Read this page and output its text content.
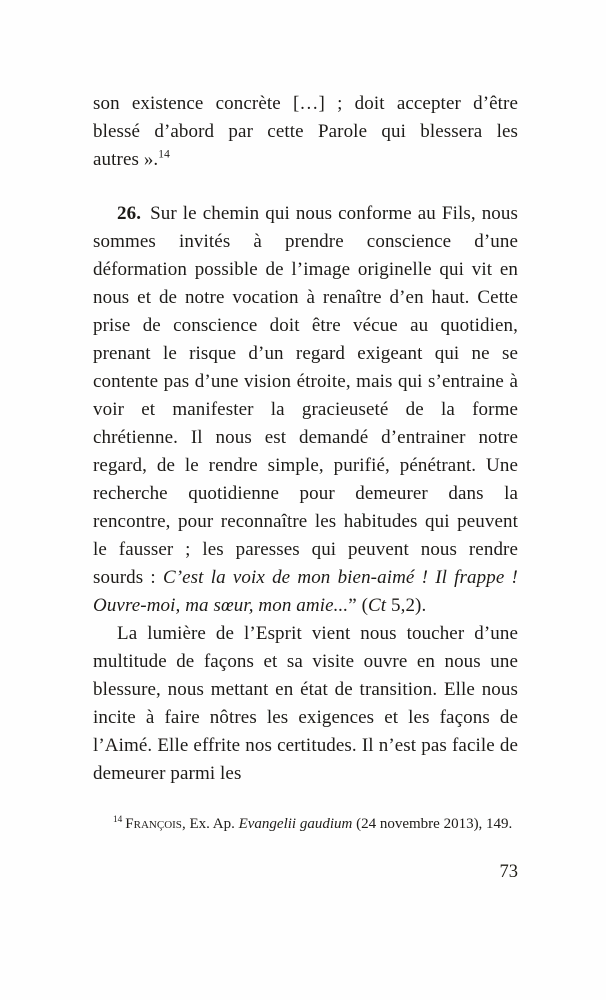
son existence concrète […] ; doit accepter d’être blessé d’abord par cette Parole qui blessera les autres ».$^{14}$

26. Sur le chemin qui nous conforme au Fils, nous sommes invités à prendre conscience d’une déformation possible de l’image originelle qui vit en nous et de notre vocation à renaître d’en haut. Cette prise de conscience doit être vécue au quotidien, prenant le risque d’un regard exigeant qui ne se contente pas d’une vision étroite, mais qui s’entraine à voir et manifester la gracieuseté de la forme chrétienne. Il nous est demandé d’entrainer notre regard, de le rendre simple, purifié, pénétrant. Une recherche quotidienne pour demeurer dans la rencontre, pour reconnaître les habitudes qui peuvent le fausser ; les paresses qui peuvent nous rendre sourds : C’est la voix de mon bien-aimé ! Il frappe ! Ouvre-moi, ma sœur, mon amie...” (Ct 5,2).

La lumière de l’Esprit vient nous toucher d’une multitude de façons et sa visite ouvre en nous une blessure, nous mettant en état de transition. Elle nous incite à faire nôtres les exigences et les façons de l’Aimé. Elle effrite nos certitudes. Il n’est pas facile de demeurer parmi les

$^{14}$ François, Ex. Ap. Evangelii gaudium (24 novembre 2013), 149.

73
